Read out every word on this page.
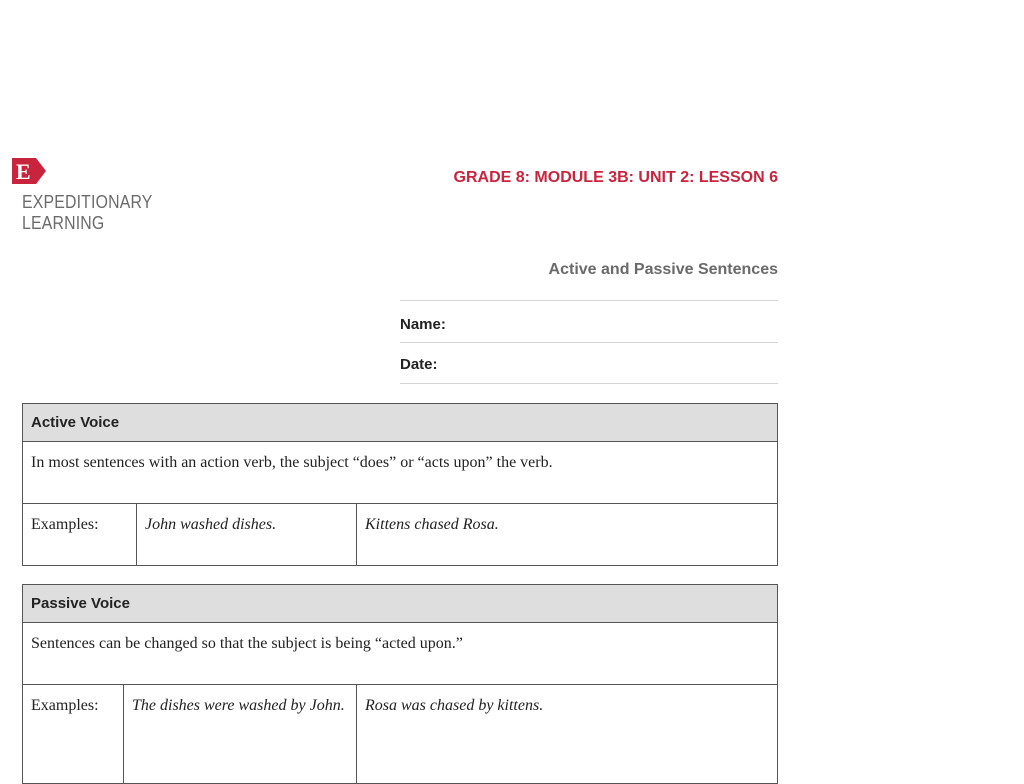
E
EXPEDITIONARY
LEARNING
GRADE 8: MODULE 3B: UNIT 2: LESSON 6
Active and Passive Sentences
Name:
Date:
Active Voice
In most sentences with an action verb, the subject “does” or “acts upon” the verb.
Examples:	John washed dishes.	Kittens chased Rosa.
Passive Voice
Sentences can be changed so that the subject is being “acted upon.”
Examples:	The dishes were washed by John.	Rosa was chased by kittens.
